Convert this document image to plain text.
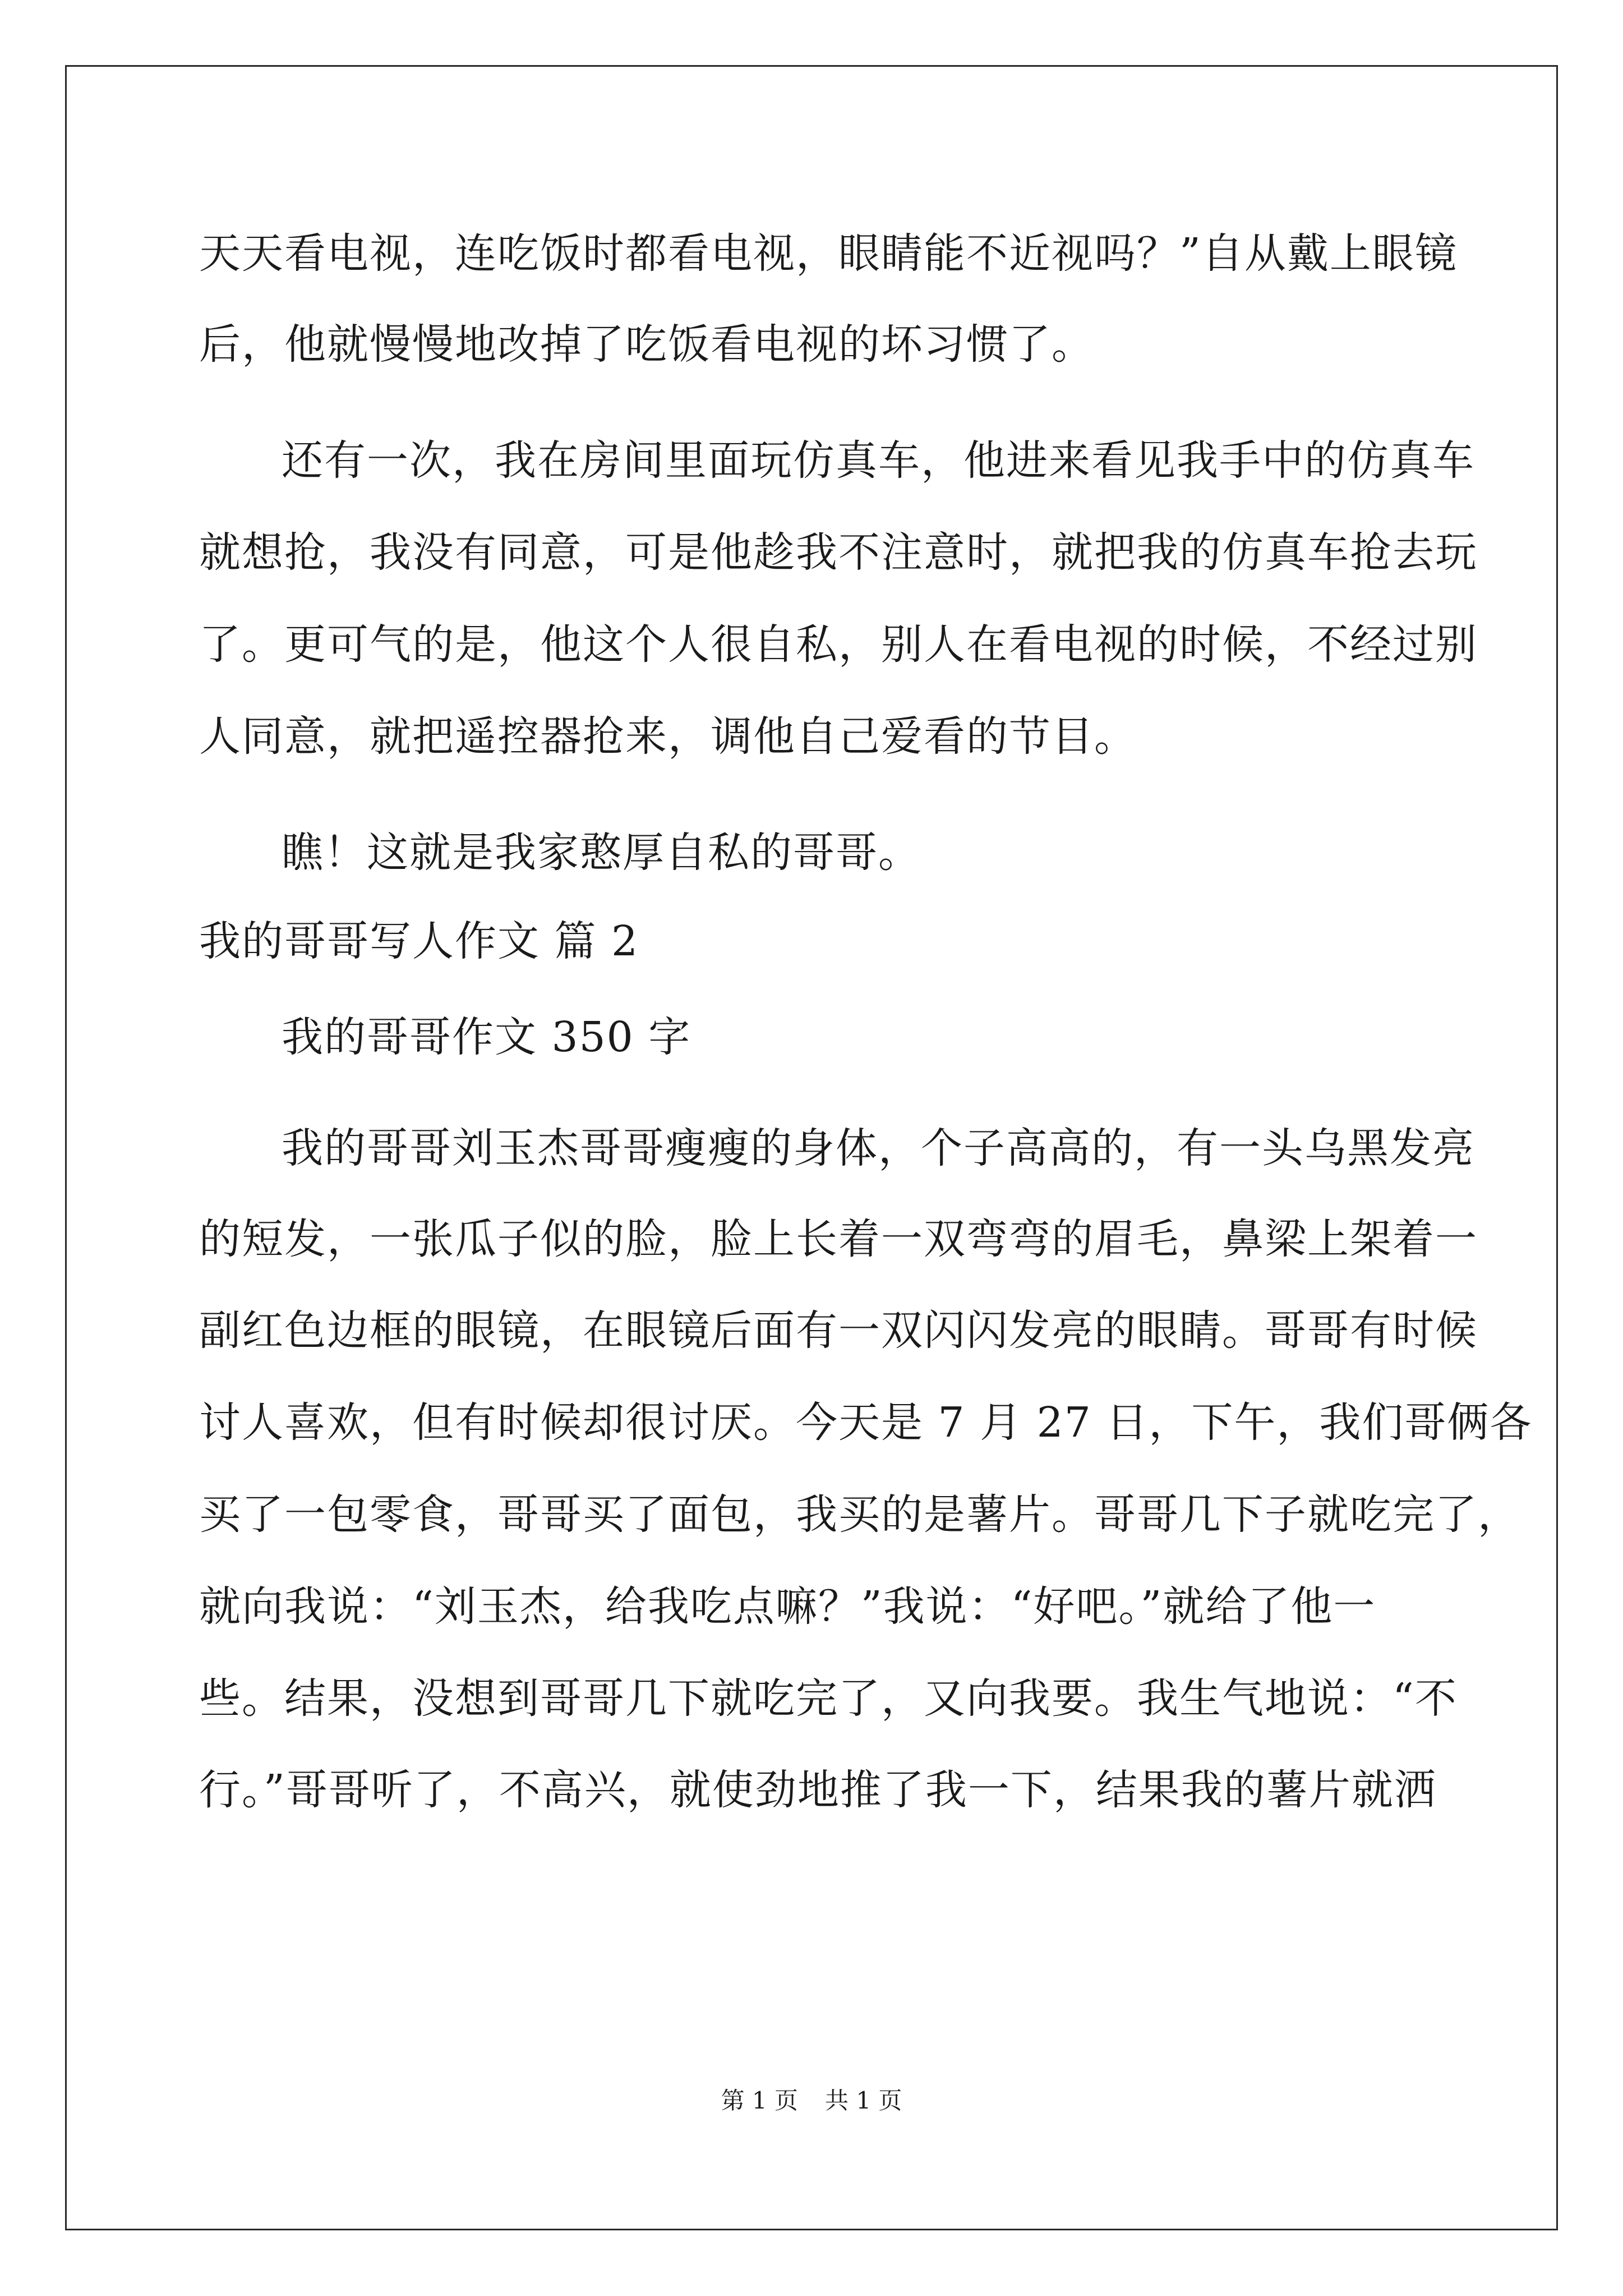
天天看电视，连吃饭时都看电视，眼睛能不近视吗？”自从戴上眼镜
后，他就慢慢地改掉了吃饭看电视的坏习惯了。
还有一次，我在房间里面玩仿真车，他进来看见我手中的仿真车
就想抢，我没有同意，可是他趁我不注意时，就把我的仿真车抢去玩
了。更可气的是，他这个人很自私，别人在看电视的时候，不经过别
人同意，就把遥控器抢来，调他自己爱看的节目。
瞧！这就是我家憨厚自私的哥哥。
我的哥哥写人作文 篇 2
我的哥哥作文 350 字
我的哥哥刘玉杰哥哥瘦瘦的身体，个子高高的，有一头乌黑发亮
的短发，一张瓜子似的脸，脸上长着一双弯弯的眉毛，鼻梁上架着一
副红色边框的眼镜，在眼镜后面有一双闪闪发亮的眼睛。哥哥有时候
讨人喜欢，但有时候却很讨厌。今天是 7 月 27 日，下午，我们哥俩各
买了一包零食，哥哥买了面包，我买的是薯片。哥哥几下子就吃完了，
就向我说：“刘玉杰，给我吃点嘛？”我说：“好吧。”就给了他一
些。结果，没想到哥哥几下就吃完了，又向我要。我生气地说：“不
行。”哥哥听了，不高兴，就使劲地推了我一下，结果我的薯片就洒
第 1 页 共 1 页
